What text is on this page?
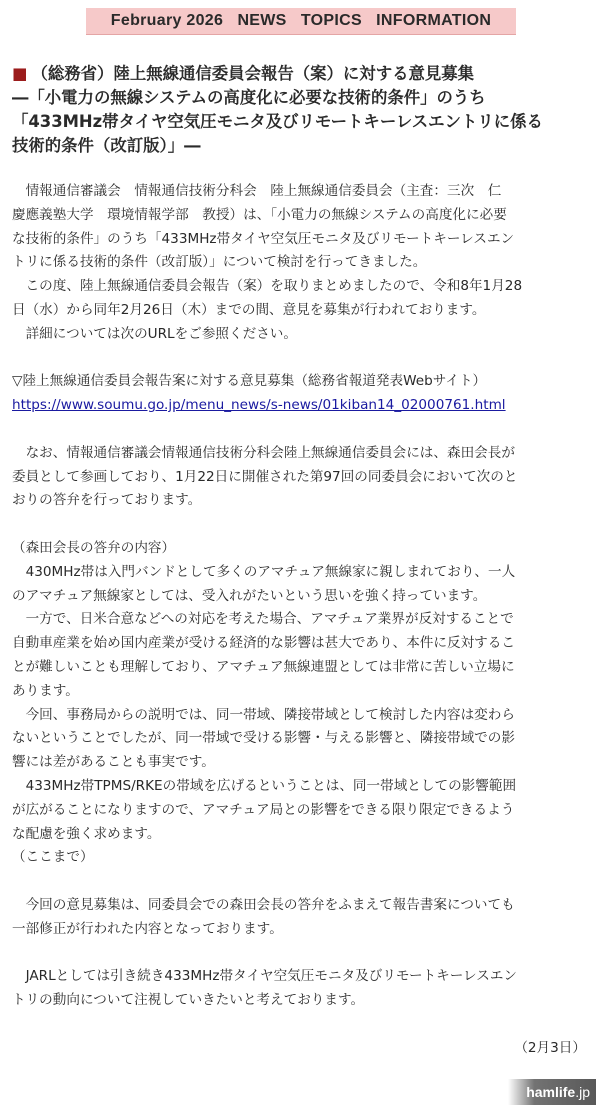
February 2026   NEWS   TOPICS   INFORMATION
■ （総務省）陸上無線通信委員会報告（案）に対する意見募集
―「小電力の無線システムの高度化に必要な技術的条件」のうち
「433MHz帯タイヤ空気圧モニタ及びリモートキーレスエントリに係る
技術的条件（改訂版）」―

情報通信審議会　情報通信技術分科会　陸上無線通信委員会（主査：三次　仁
慶應義塾大学　環境情報学部　教授）は、「小電力の無線システムの高度化に必要
な技術的条件」のうち「433MHz帯タイヤ空気圧モニタ及びリモートキーレスエン
トリに係る技術的条件（改訂版）」について検討を行ってきました。

この度、陸上無線通信委員会報告（案）を取りまとめましたので、令和8年1月28
日（水）から同年2月26日（木）までの間、意見を募集が行われております。

詳細については次のURLをご参照ください。

▽陸上無線通信委員会報告案に対する意見募集（総務省報道発表Webサイト）

https://www.soumu.go.jp/menu_news/s-news/01kiban14_02000761.html

なお、情報通信審議会情報通信技術分科会陸上無線通信委員会には、森田会長が
委員として参画しており、1月22日に開催された第97回の同委員会において次のと
おりの答弁を行っております。

（森田会長の答弁の内容）

430MHz帯は入門バンドとして多くのアマチュア無線家に親しまれており、一人
のアマチュア無線家としては、受入れがたいという思いを強く持っています。

一方で、日米合意などへの対応を考えた場合、アマチュア業界が反対することで
自動車産業を始め国内産業が受ける経済的な影響は甚大であり、本件に反対するこ
とが難しいことも理解しており、アマチュア無線連盟としては非常に苦しい立場に
あります。

今回、事務局からの説明では、同一帯域、隣接帯域として検討した内容は変わら
ないということでしたが、同一帯域で受ける影響・与える影響と、隣接帯域での影
響には差があることも事実です。

433MHz帯TPMS/RKEの帯域を広げるということは、同一帯域としての影響範囲
が広がることになりますので、アマチュア局との影響をできる限り限定できるよう
な配慮を強く求めます。

（ここまで）

今回の意見募集は、同委員会での森田会長の答弁をふまえて報告書案についても
一部修正が行われた内容となっております。

JARLとしては引き続き433MHz帯タイヤ空気圧モニタ及びリモートキーレスエン
トリの動向について注視していきたいと考えております。

（2月3日）

hamlife.jp
